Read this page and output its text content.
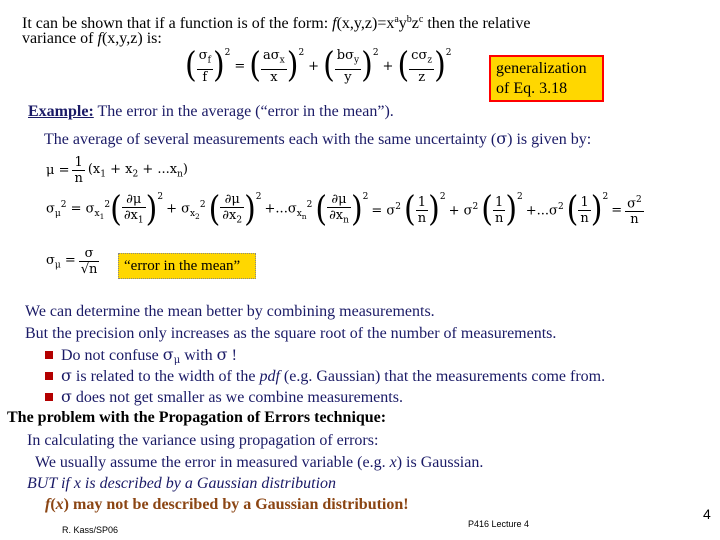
It can be shown that if a function is of the form: $f(x,y,z)=x^ay^bz^c$ then the relative
variance of f(x,y,z) is:
( $\frac{\sigma_f}{f} )^2$
= ( $\frac{a\sigma_x}{x} )^2$
+ ( $\frac{b\sigma_y}{y} )^2$
+ ( $\frac{c\sigma_z}{z} )^2$
generalization
of Eq. 3.18
Example: The error in the average (“error in the mean”).
The average of several measurements each with the same uncertainty (σ) is given by:
$\mu = \frac{1}{n} (x_1 + x_2 + ...x_n)$
$\sigma_\mu^2 = \sigma_{x_1}^2$ ( $\frac{\partial\mu}{\partial x_1} )^2$
+ $\sigma_{x_2}^2$ ( $\frac{\partial\mu}{\partial x_2} )^2$
$+...\sigma_{x_n}^2$ ( $\frac{\partial\mu}{\partial x_n} )^2$
= $\sigma^2$ ( $\frac{1}{n} )^2$
+ $\sigma^2$ ( $\frac{1}{n} )^2$
$+...\sigma^2$ ( $\frac{1}{n} )^2$
= $\frac{\sigma^2}{n}$
$\sigma_\mu = \frac{\sigma}{√n}$	“error in the mean”
We can determine the mean better by combining measurements.
But the precision only increases as the square root of the number of measurements.
Do not confuse $\sigma_\mu$ with σ !
σ is related to the width of the pdf (e.g. Gaussian) that the measurements come from.
σ does not get smaller as we combine measurements.
The problem with the Propagation of Errors technique:
In calculating the variance using propagation of errors:
We usually assume the error in measured variable (e.g. x) is Gaussian.
BUT if x is described by a Gaussian distribution
f(x) may not be described by a Gaussian distribution!
R. Kass/SP06
P416 Lecture 4
4
